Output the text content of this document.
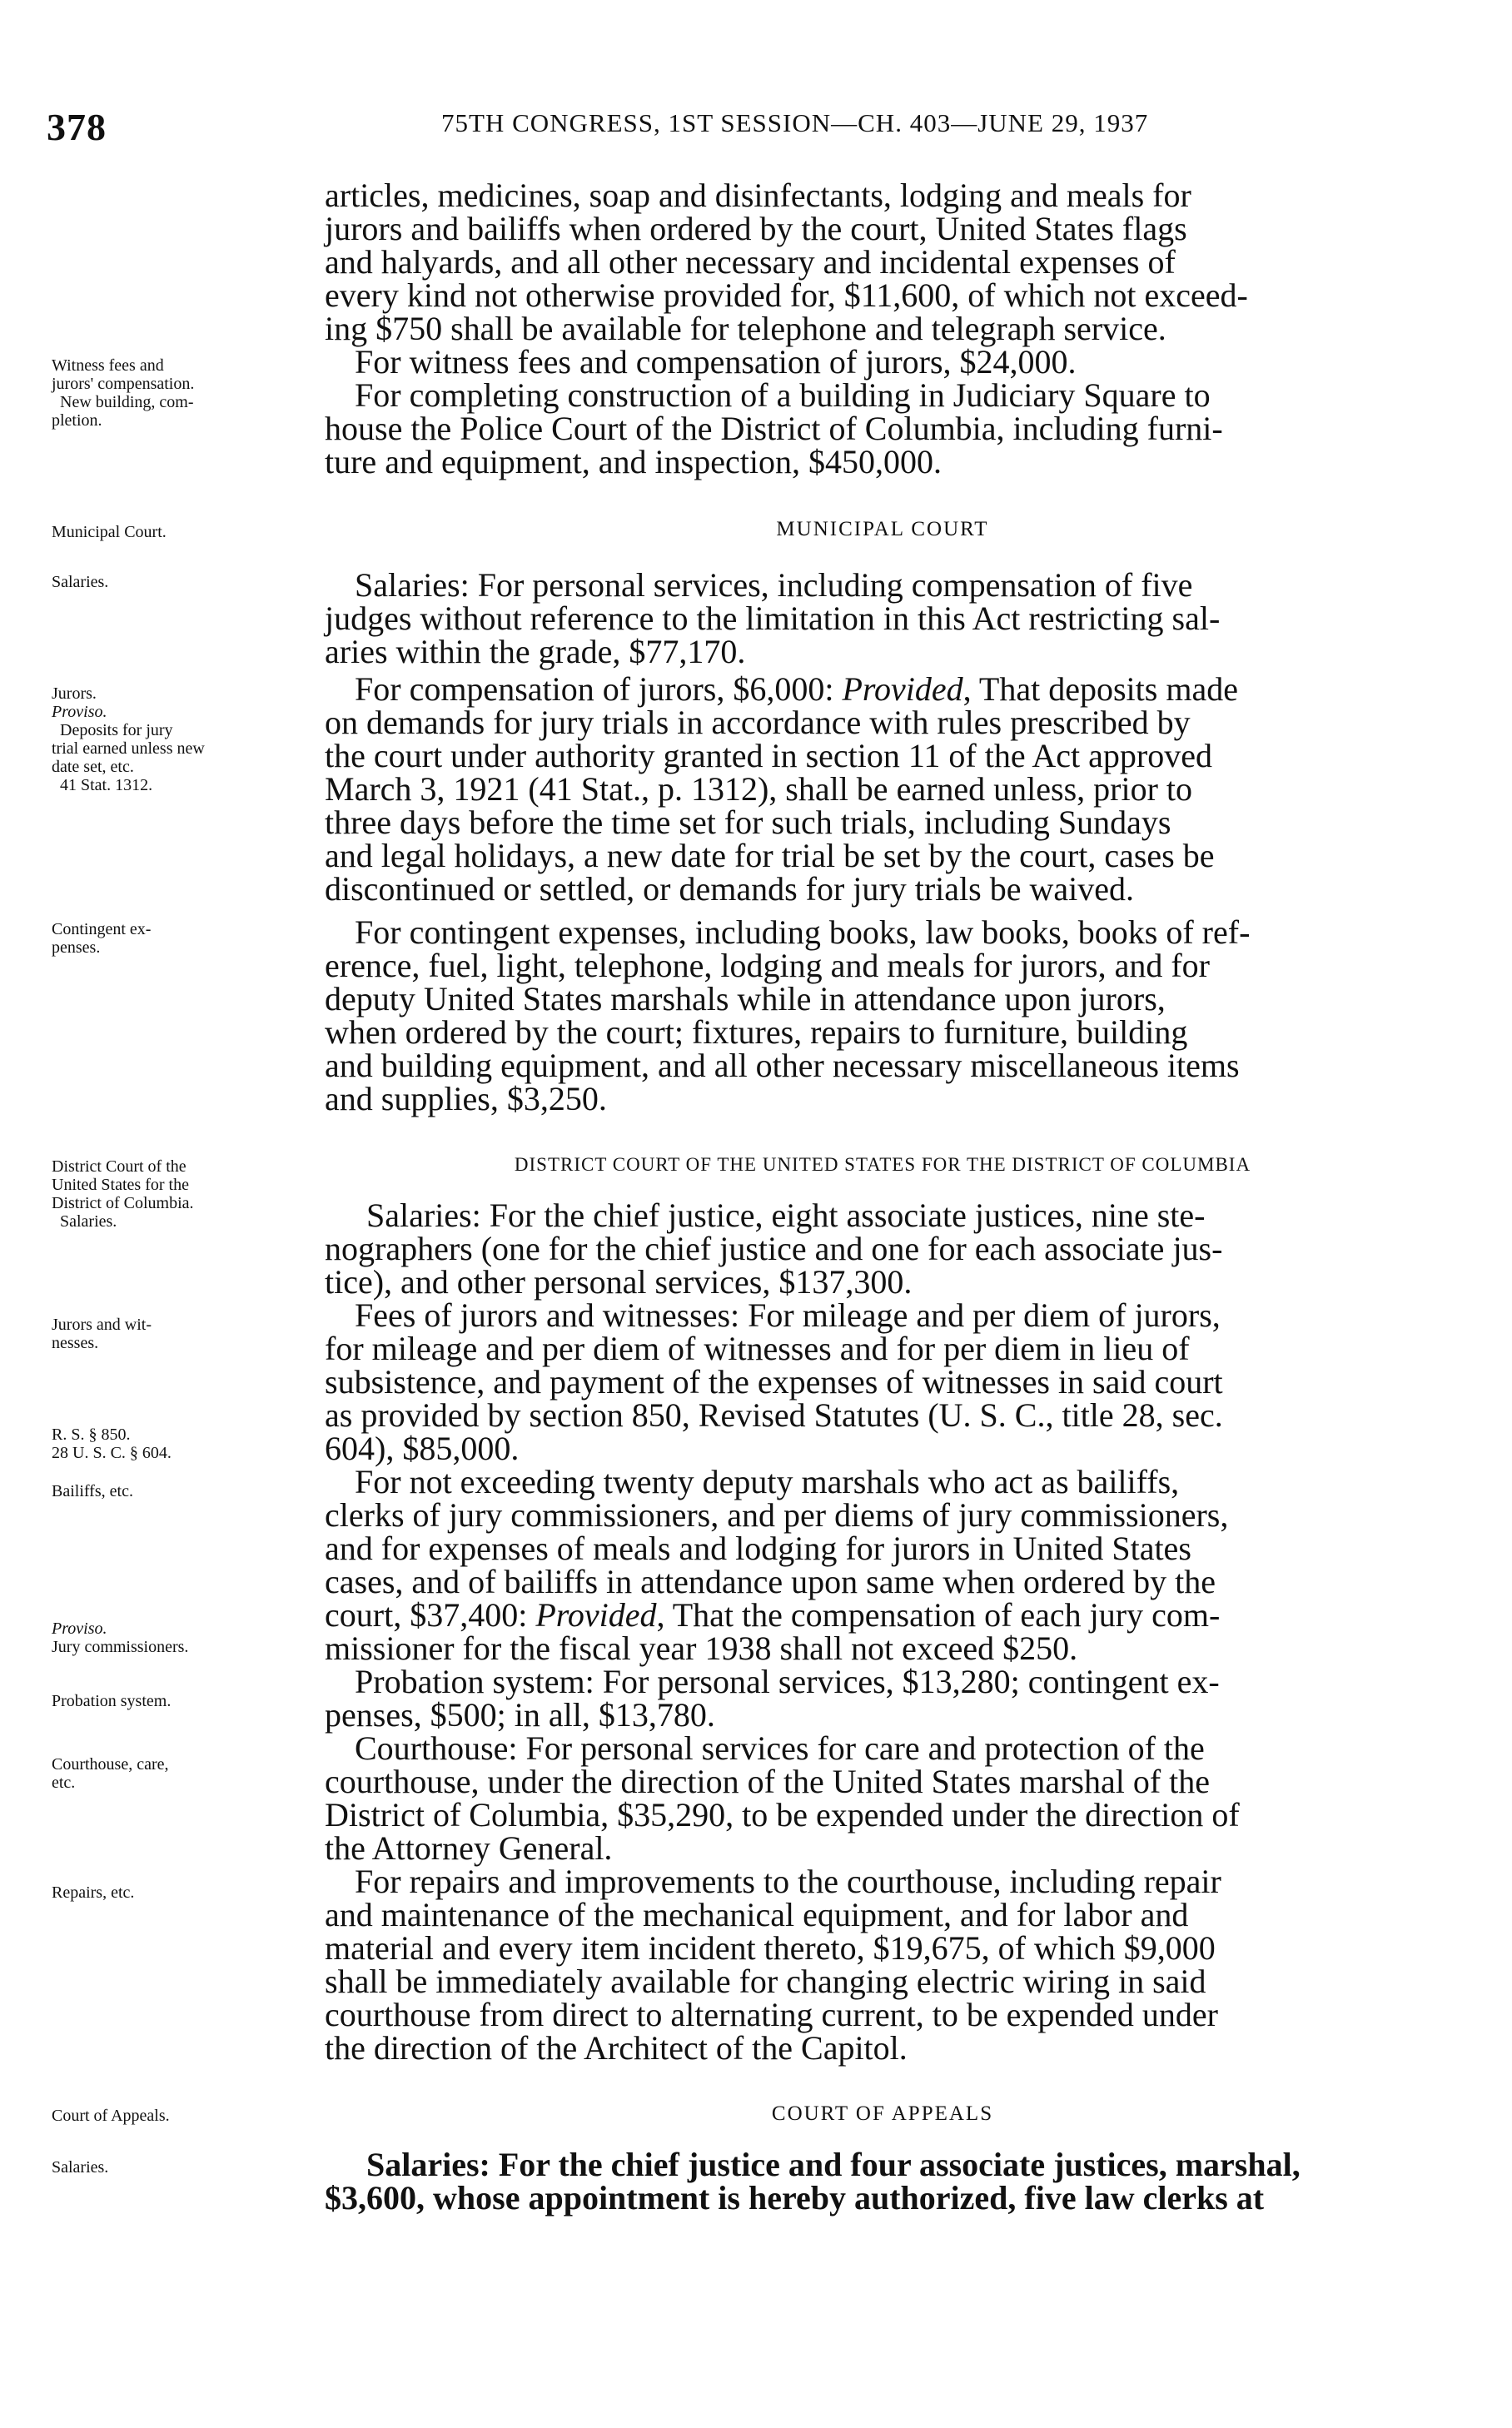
378	75TH CONGRESS, 1ST SESSION—CH. 403—JUNE 29, 1937
Witness fees and
jurors' compensation.
New building, com-
pletion.
Municipal Court.
Salaries.
Jurors.
Proviso.
Deposits for jury
trial earned unless new
date set, etc.
41 Stat. 1312.
Contingent ex-
penses.
District Court of the
United States for the
District of Columbia.
Salaries.
Jurors and wit-
nesses.
R. S. § 850.
28 U. S. C. § 604.
Bailiffs, etc.
Proviso.
Jury commissioners.
Probation system.
Courthouse, care,
etc.
Repairs, etc.
Court of Appeals.
Salaries.
articles, medicines, soap and disinfectants, lodging and meals for
jurors and bailiffs when ordered by the court, United States flags
and halyards, and all other necessary and incidental expenses of
every kind not otherwise provided for, $11,600, of which not exceed-
ing $750 shall be available for telephone and telegraph service.
For witness fees and compensation of jurors, $24,000.
For completing construction of a building in Judiciary Square to
house the Police Court of the District of Columbia, including furni-
ture and equipment, and inspection, $450,000.
MUNICIPAL COURT
Salaries: For personal services, including compensation of five
judges without reference to the limitation in this Act restricting sal-
aries within the grade, $77,170.
For compensation of jurors, $6,000: Provided, That deposits made
on demands for jury trials in accordance with rules prescribed by
the court under authority granted in section 11 of the Act approved
March 3, 1921 (41 Stat., p. 1312), shall be earned unless, prior to
three days before the time set for such trials, including Sundays
and legal holidays, a new date for trial be set by the court, cases be
discontinued or settled, or demands for jury trials be waived.
For contingent expenses, including books, law books, books of ref-
erence, fuel, light, telephone, lodging and meals for jurors, and for
deputy United States marshals while in attendance upon jurors,
when ordered by the court; fixtures, repairs to furniture, building
and building equipment, and all other necessary miscellaneous items
and supplies, $3,250.
DISTRICT COURT OF THE UNITED STATES FOR THE DISTRICT OF COLUMBIA
Salaries: For the chief justice, eight associate justices, nine ste-
nographers (one for the chief justice and one for each associate jus-
tice), and other personal services, $137,300.
Fees of jurors and witnesses: For mileage and per diem of jurors,
for mileage and per diem of witnesses and for per diem in lieu of
subsistence, and payment of the expenses of witnesses in said court
as provided by section 850, Revised Statutes (U. S. C., title 28, sec.
604), $85,000.
For not exceeding twenty deputy marshals who act as bailiffs,
clerks of jury commissioners, and per diems of jury commissioners,
and for expenses of meals and lodging for jurors in United States
cases, and of bailiffs in attendance upon same when ordered by the
court, $37,400: Provided, That the compensation of each jury com-
missioner for the fiscal year 1938 shall not exceed $250.
Probation system: For personal services, $13,280; contingent ex-
penses, $500; in all, $13,780.
Courthouse: For personal services for care and protection of the
courthouse, under the direction of the United States marshal of the
District of Columbia, $35,290, to be expended under the direction of
the Attorney General.
For repairs and improvements to the courthouse, including repair
and maintenance of the mechanical equipment, and for labor and
material and every item incident thereto, $19,675, of which $9,000
shall be immediately available for changing electric wiring in said
courthouse from direct to alternating current, to be expended under
the direction of the Architect of the Capitol.
COURT OF APPEALS
Salaries: For the chief justice and four associate justices, marshal,
$3,600, whose appointment is hereby authorized, five law clerks at
